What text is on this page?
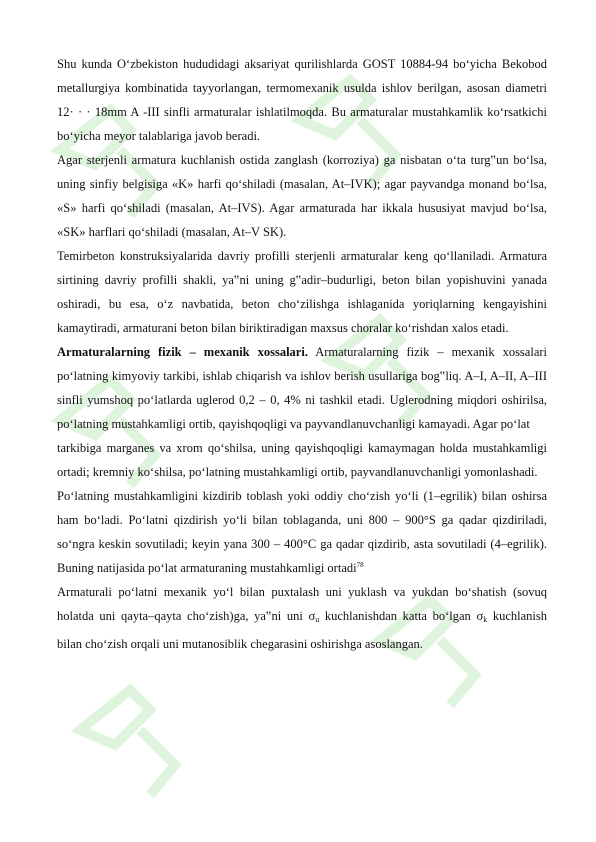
Shu kunda O‘zbekiston hududidagi aksariyat qurilishlarda GOST 10884-94 bo‘yicha Bekobod metallurgiya kombinatida tayyorlangan, termomexanik usulda ishlov berilgan, asosan diametri 12· · · 18mm A -III sinfli armaturalar ishlatilmoqda. Bu armaturalar mustahkamlik ko‘rsatkichi bo‘yicha meyor talablariga javob beradi.

Agar sterjenli armatura kuchlanish ostida zanglash (korroziya) ga nisbatan o‘ta turg‟un bo‘lsa, uning sinfiy belgisiga «K» harfi qo‘shiladi (masalan, At–IVK); agar payvandga monand bo‘lsa, «S» harfi qo‘shiladi (masalan, At–IVS). Agar armaturada har ikkala hususiyat mavjud bo‘lsa, «SK» harflari qo‘shiladi (masalan, At–V SK).

Temirbeton konstruksiyalarida davriy profilli sterjenli armaturalar keng qo‘llaniladi. Armatura sirtining davriy profilli shakli, ya‟ni uning g‟adir–budurligi, beton bilan yopishuvini yanada oshiradi, bu esa, o‘z navbatida, beton cho‘zilishga ishlaganida yoriqlarning kengayishini kamaytiradi, armaturani beton bilan biriktiradigan maxsus choralar ko‘rishdan xalos etadi.

Armaturalarning fizik – mexanik xossalari. Armaturalarning fizik – mexanik xossalari po‘latning kimyoviy tarkibi, ishlab chiqarish va ishlov berish usullariga bog‟liq. A–I, A–II, A–III sinfli yumshoq po‘latlarda uglerod 0,2 – 0, 4% ni tashkil etadi. Uglerodning miqdori oshirilsa, po‘latning mustahkamligi ortib, qayishqoqligi va payvandlanuvchanligi kamayadi. Agar po‘lat

tarkibiga marganes va xrom qo‘shilsa, uning qayishqoqligi kamaymagan holda mustahkamligi ortadi; kremniy ko‘shilsa, po‘latning mustahkamligi ortib, payvandlanuvchanligi yomonlashadi.

Po‘latning mustahkamligini kizdirib toblash yoki oddiy cho‘zish yo‘li (1–egrilik) bilan oshirsa ham bo‘ladi. Po‘latni qizdirish yo‘li bilan toblaganda, uni 800 – 900°S ga qadar qizdiriladi, so‘ngra keskin sovutiladi; keyin yana 300 – 400°C ga qadar qizdirib, asta sovutiladi (4–egrilik). Buning natijasida po‘lat armaturaning mustahkamligi ortadi$^{78}$

Armaturali po‘latni mexanik yo‘l bilan puxtalash uni yuklash va yukdan bo‘shatish (sovuq holatda uni qayta–qayta cho‘zish)ga, ya‟ni uni $\sigma_u$ kuchlanishdan katta bo‘lgan $\sigma_k$ kuchlanish bilan cho‘zish orqali uni mutanosiblik chegarasini oshirishga asoslangan.
